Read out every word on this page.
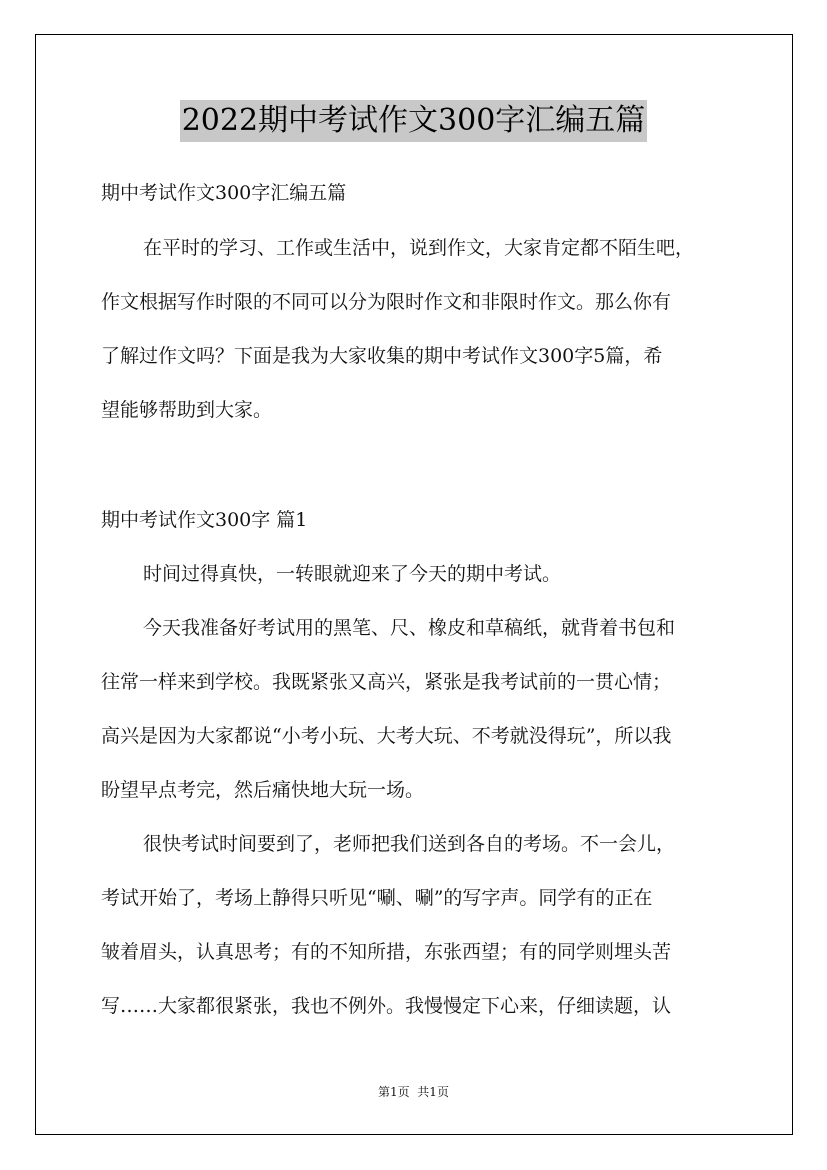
2022期中考试作文300字汇编五篇
期中考试作文300字汇编五篇
在平时的学习、工作或生活中，说到作文，大家肯定都不陌生吧，
作文根据写作时限的不同可以分为限时作文和非限时作文。那么你有
了解过作文吗？下面是我为大家收集的期中考试作文300字5篇，希
望能够帮助到大家。
期中考试作文300字 篇1
时间过得真快，一转眼就迎来了今天的期中考试。
今天我准备好考试用的黑笔、尺、橡皮和草稿纸，就背着书包和
往常一样来到学校。我既紧张又高兴，紧张是我考试前的一贯心情；
高兴是因为大家都说“小考小玩、大考大玩、不考就没得玩”，所以我
盼望早点考完，然后痛快地大玩一场。
很快考试时间要到了，老师把我们送到各自的考场。不一会儿，
考试开始了，考场上静得只听见“唰、唰”的写字声。同学有的正在
皱着眉头，认真思考；有的不知所措，东张西望；有的同学则埋头苦
写……大家都很紧张，我也不例外。我慢慢定下心来，仔细读题，认
第1页  共1页
